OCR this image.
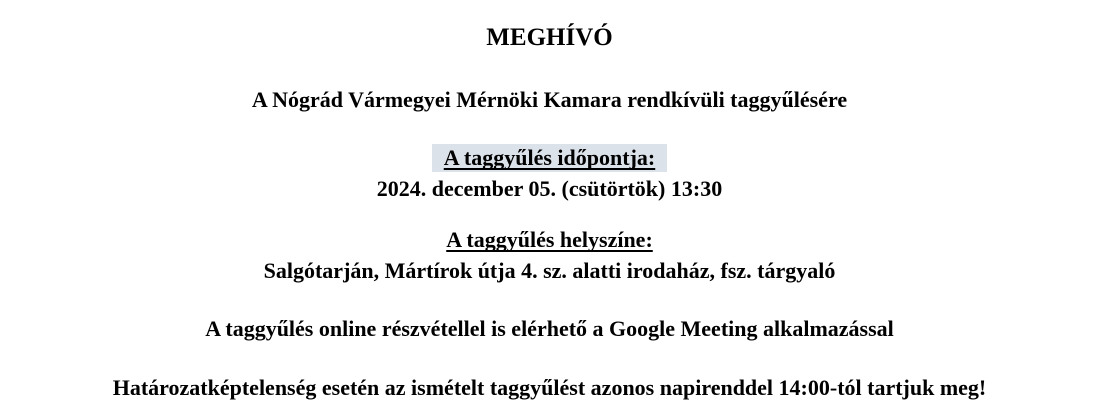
MEGHÍVÓ

A Nógrád Vármegyei Mérnöki Kamara rendkívüli taggyűlésére

A taggyűlés időpontja:

2024. december 05. (csütörtök) 13:30

A taggyűlés helyszíne:

Salgótarján, Mártírok útja 4. sz. alatti irodaház, fsz. tárgyaló

A taggyűlés online részvétellel is elérhető a Google Meeting alkalmazással

Határozatképtelenség esetén az ismételt taggyűlést azonos napirenddel 14:00-tól tartjuk meg!
